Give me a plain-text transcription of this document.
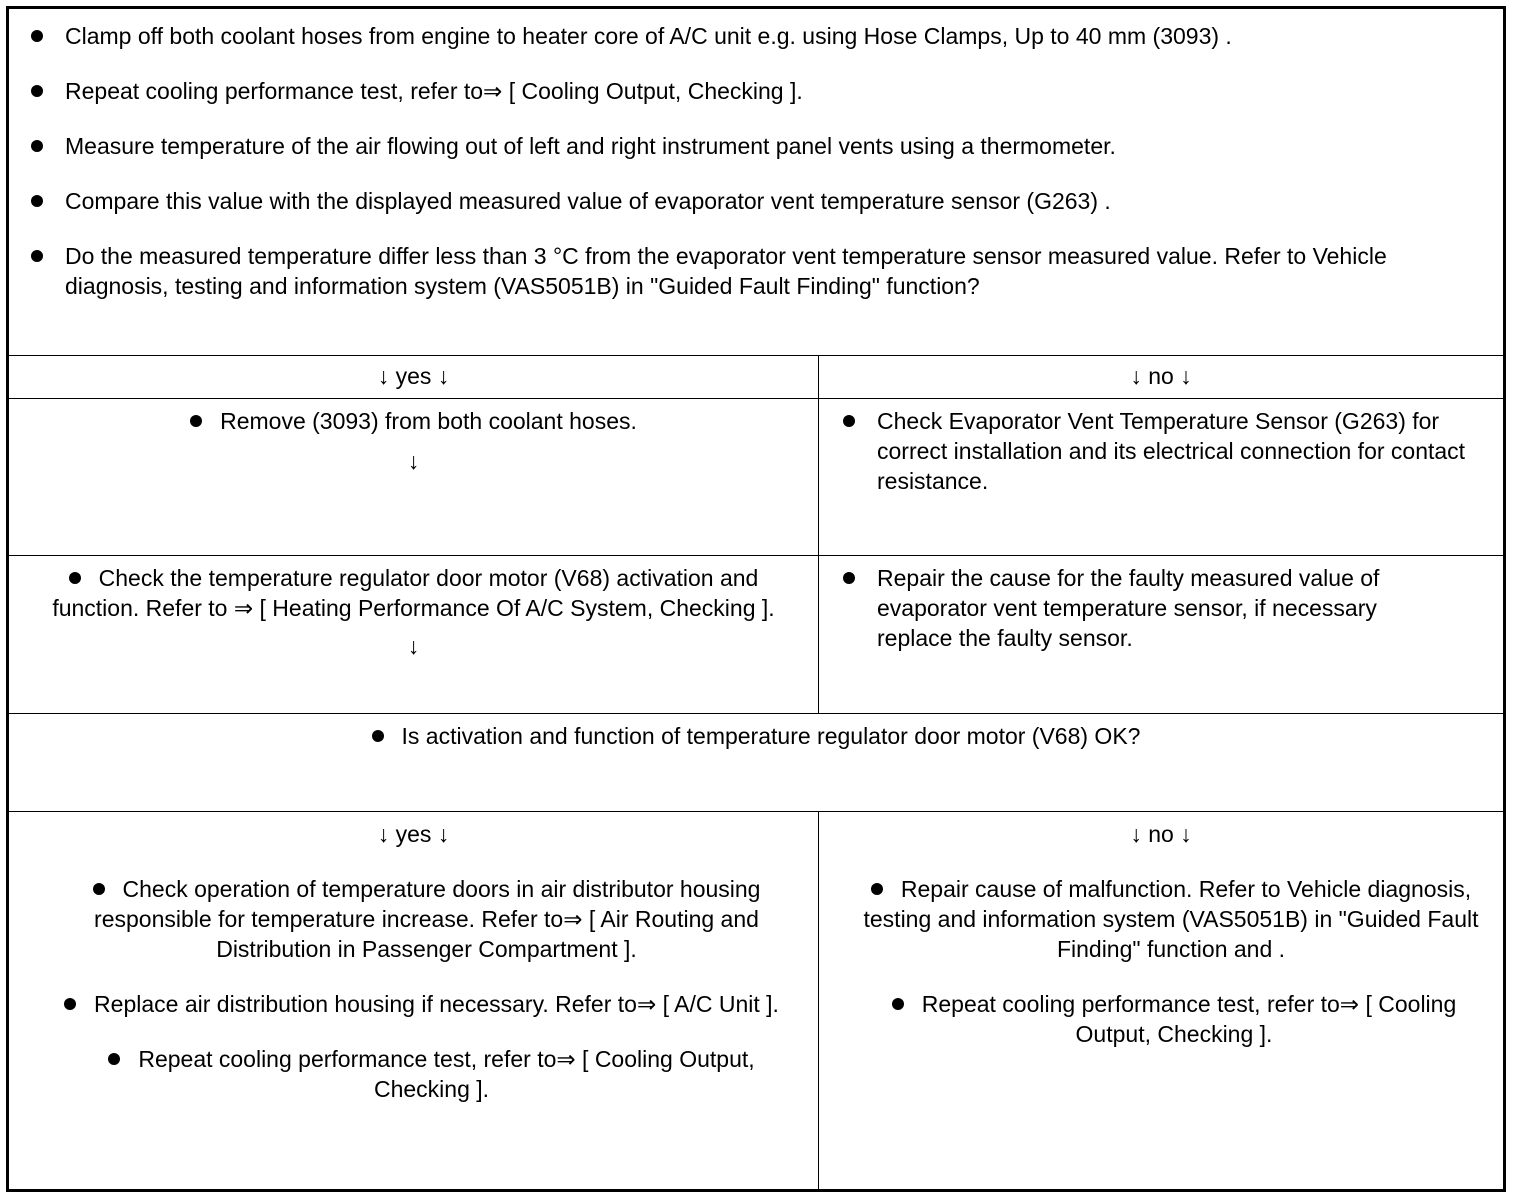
Clamp off both coolant hoses from engine to heater core of A/C unit e.g. using Hose Clamps, Up to 40 mm (3093) .
Repeat cooling performance test, refer to⇒ [ Cooling Output, Checking ].
Measure temperature of the air flowing out of left and right instrument panel vents using a thermometer.
Compare this value with the displayed measured value of evaporator vent temperature sensor (G263) .
Do the measured temperature differ less than 3 °C from the evaporator vent temperature sensor measured value. Refer to Vehicle diagnosis, testing and information system (VAS5051B) in "Guided Fault Finding" function?
↓ yes ↓	↓ no ↓
Remove (3093) from both coolant hoses.
↓
Check Evaporator Vent Temperature Sensor (G263) for correct installation and its electrical connection for contact resistance.
Check the temperature regulator door motor (V68) activation and function. Refer to ⇒ [ Heating Performance Of A/C System, Checking ].
↓
Repair the cause for the faulty measured value of evaporator vent temperature sensor, if necessary replace the faulty sensor.
Is activation and function of temperature regulator door motor (V68) OK?
↓ yes ↓
Check operation of temperature doors in air distributor housing responsible for temperature increase. Refer to⇒ [ Air Routing and Distribution in Passenger Compartment ].
Replace air distribution housing if necessary. Refer to⇒ [ A/C Unit ].
Repeat cooling performance test, refer to⇒ [ Cooling Output, Checking ].
↓ no ↓
Repair cause of malfunction. Refer to Vehicle diagnosis, testing and information system (VAS5051B) in "Guided Fault Finding" function and .
Repeat cooling performance test, refer to⇒ [ Cooling Output, Checking ].
